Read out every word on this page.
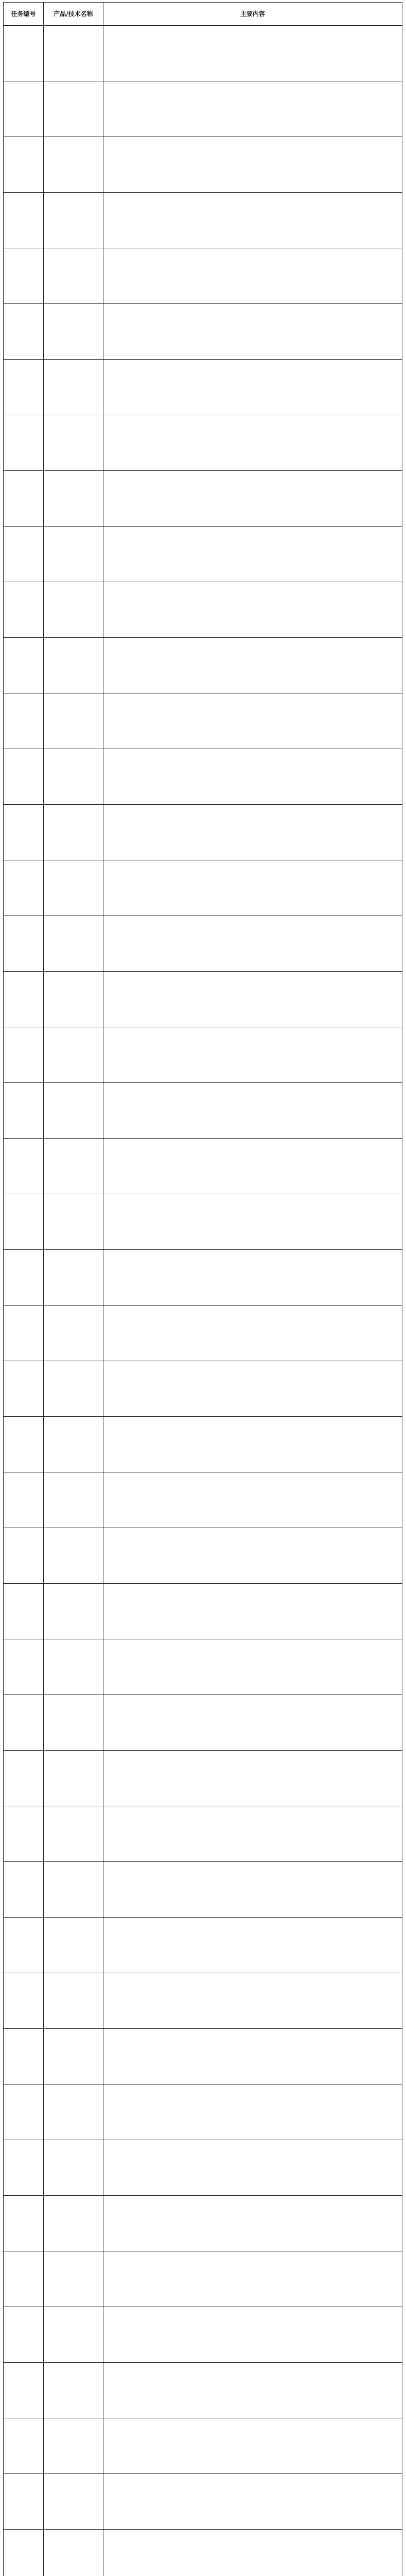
任务编号	产品/技术名称	主要内容
